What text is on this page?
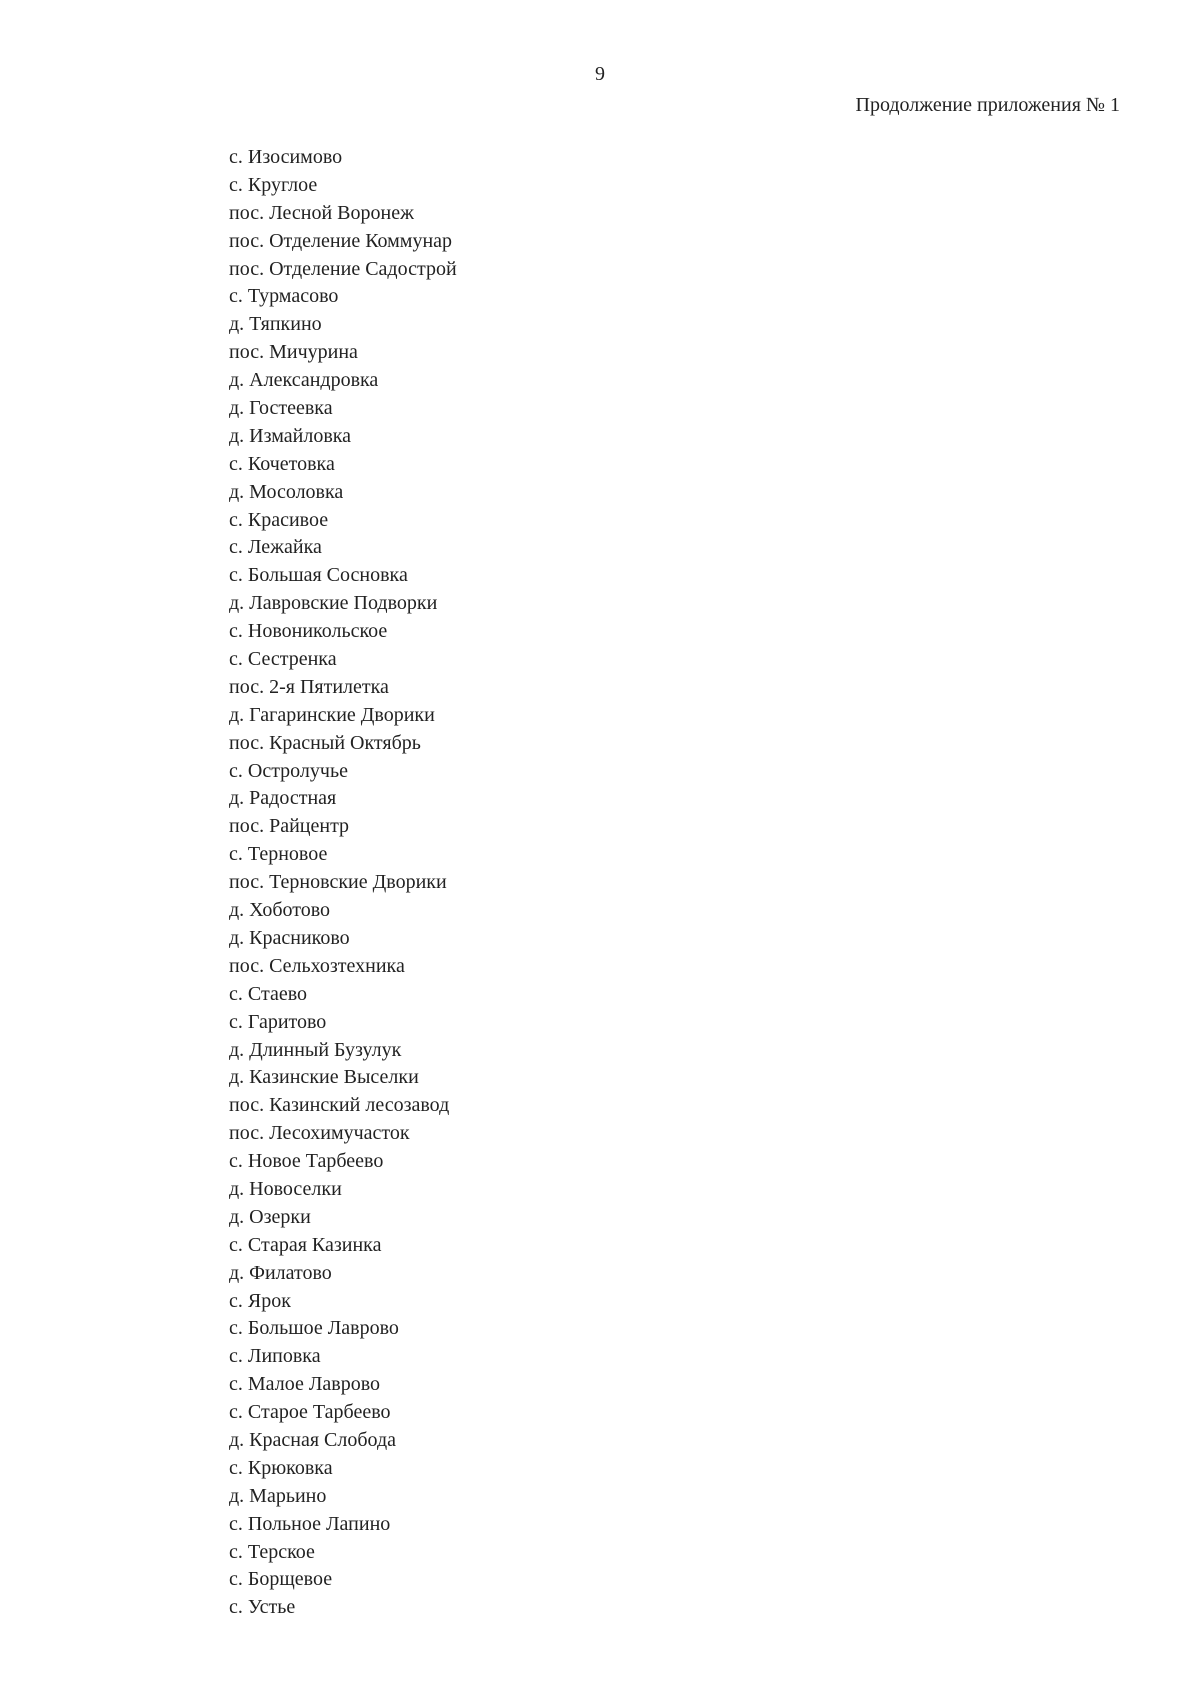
9
Продолжение приложения № 1
с. Изосимово
с. Круглое
пос. Лесной Воронеж
пос. Отделение Коммунар
пос. Отделение Садострой
с. Турмасово
д. Тяпкино
пос. Мичурина
д. Александровка
д. Гостеевка
д. Измайловка
с. Кочетовка
д. Мосоловка
с. Красивое
с. Лежайка
с. Большая Сосновка
д. Лавровские Подворки
с. Новоникольское
с. Сестренка
пос. 2-я Пятилетка
д. Гагаринские Дворики
пос. Красный Октябрь
с. Остролучье
д. Радостная
пос. Райцентр
с. Терновое
пос. Терновские Дворики
д. Хоботово
д. Красниково
пос. Сельхозтехника
с. Стаево
с. Гаритово
д. Длинный Бузулук
д. Казинские Выселки
пос. Казинский лесозавод
пос. Лесохимучасток
с. Новое Тарбеево
д. Новоселки
д. Озерки
с. Старая Казинка
д. Филатово
с. Ярок
с. Большое Лаврово
с. Липовка
с. Малое Лаврово
с. Старое Тарбеево
д. Красная Слобода
с. Крюковка
д. Марьино
с. Польное Лапино
с. Терское
с. Борщевое
с. Устье
